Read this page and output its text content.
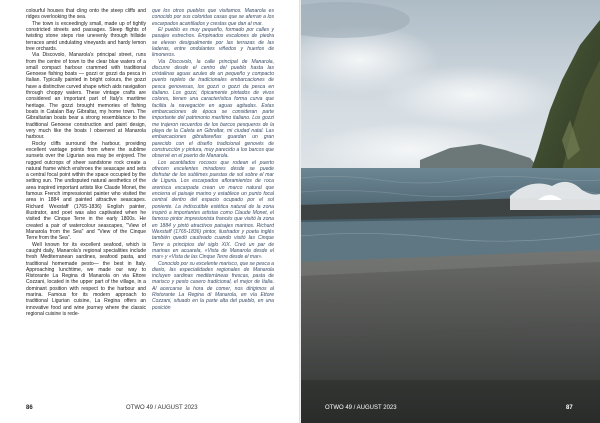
colourful houses that cling onto the steep cliffs and ridges overlooking the sea.

The town is exceedingly small, made up of tightly constricted streets and passages. Steep flights of twisting stone steps rise unevenly through hillside terraces amid undulating vineyards and hardy lemon tree orchards.

Via Discovolo, Manarola's principal street, runs from the centre of town to the clear blue waters of a small compact harbour crammed with traditional Genoese fishing boats — gozzi or gozzi da pesca in Italian. Typically painted in bright colours, the gozzi have a distinctive curved shape which aids navigation through choppy waters. These vintage crafts are considered an important part of Italy's maritime heritage. The gozzi brought memories of fishing boats in Catalan Bay Gibraltar, my home town. The Gibraltarian boats bear a strong resemblance to the traditional Genoese construction and paint design, very much like the boats I observed at Manarola harbour.

Rocky cliffs surround the harbour, providing excellent vantage points from where the sublime sunsets over the Ligurian sea may be enjoyed. The rugged outcrops of sheer sandstone rock create a natural frame which enshroes the seascape and sets a central focal point within the space occupied by the setting sun. The undisputed natural aesthetics of the area inspired important artists like Claude Monet, the famous French impressionist painter who visited the area in 1884 and painted attractive seascapes. Richard Wexstaff (1765-1836) English painter, illustrator, and poet was also captivated when he visited the Cinque Terre in the early 1800s. He created a pair of watercolour seascapes, "View of Manarola from the Sea" and "View of the Cinque Terre from the Sea".

Well known for its excellent seafood, which is caught daily, Manarola's regional specialities include fresh Mediterranean sardines, seafood pasta, and traditional homemade pesto— the best in Italy. Approaching lunchtime, we made our way to Ristorante La Regina di Manarola on via Ettore Cozzani, located in the upper part of the village, in a dominant position with respect to the harbour and marina. Famous for its modern approach to traditional Ligurian cuisine, La Regina offers an innovative food and wine journey where the classic regional cuisine is rede-

que los otros pueblos que visitamos. Manarola es conocido por sus coloridas casas que se aferran a los escarpados acantilados y crestas que dan al mar.

El pueblo es muy pequeño, formado por calles y pasajes estrechos. Empinados escalones de piedra se elevan desigualmente por las terrazas de las laderas, entre ondulantes viñedos y huertos de limoneros.

Via Discovolo, la calle principal de Manarola, discurre desde el centro del pueblo hasta las cristalinas aguas azules de un pequeño y compacto puerto repleto de tradicionales embarcaciones de pesca genovesas, los gozzi o gozzi da pesca en italiano. Los gozzi, típicamente pintados de vivos colores, tienen una característica forma curva que facilita la navegación en aguas agitadas. Estas embarcaciones de época se consideran parte importante del patrimonio marítimo italiano. Los gozzi me trajeron recuerdos de los barcos pesqueros de la playa de la Caleta en Gibraltar, mi ciudad natal. Las embarcaciones gibraltareñas guardan un gran parecido con el diseño tradicional genovés de construcción y pintura, muy parecido a los barcos que observé en el puerto de Manarola.

Los acantilados rocosos que rodean el puerto ofrecen excelentes miradores desde se puede disfrutar de los sublimes puestas de sol sobre el mar de Liguria. Los escarpados afloramientos de roca arenisca escarpada crean un marco natural que encierra el paisaje marino y establece un punto focal central dentro del espacio ocupado por el sol poniente. La indiscutible estética natural de la zona inspiró a importantes artistas como Claude Monet, el famoso pintor impresionista francés que visitó la zona en 1884 y pintó atractivos paisajes marinos. Richard Wexstaff (1765-1836) pintor, ilustrador y poeta inglés también quedó cautivado cuando visitó las Cinque Terre a principios del siglo XIX. Creó un par de marinas en acuarela, «Vista de Manarola desde el mar» y «Vista de las Cinque Terre desde el mar».

Conocido por su excelente marisco, que se pesca a diario, las especialidades regionales de Manarola incluyen sardinas mediterráneas frescas, pasta de marisco y pesto casero tradicional, el mejor de Italia. Al acercarse la hora de comer, nos dirigimos al Ristorante La Regina di Manarola, en vía Ettore Cozzani, situado en la parte alta del pueblo, en una posición

86	OTWO 49 / AUGUST 2023	OTWO 49 / AUGUST 2023	87
